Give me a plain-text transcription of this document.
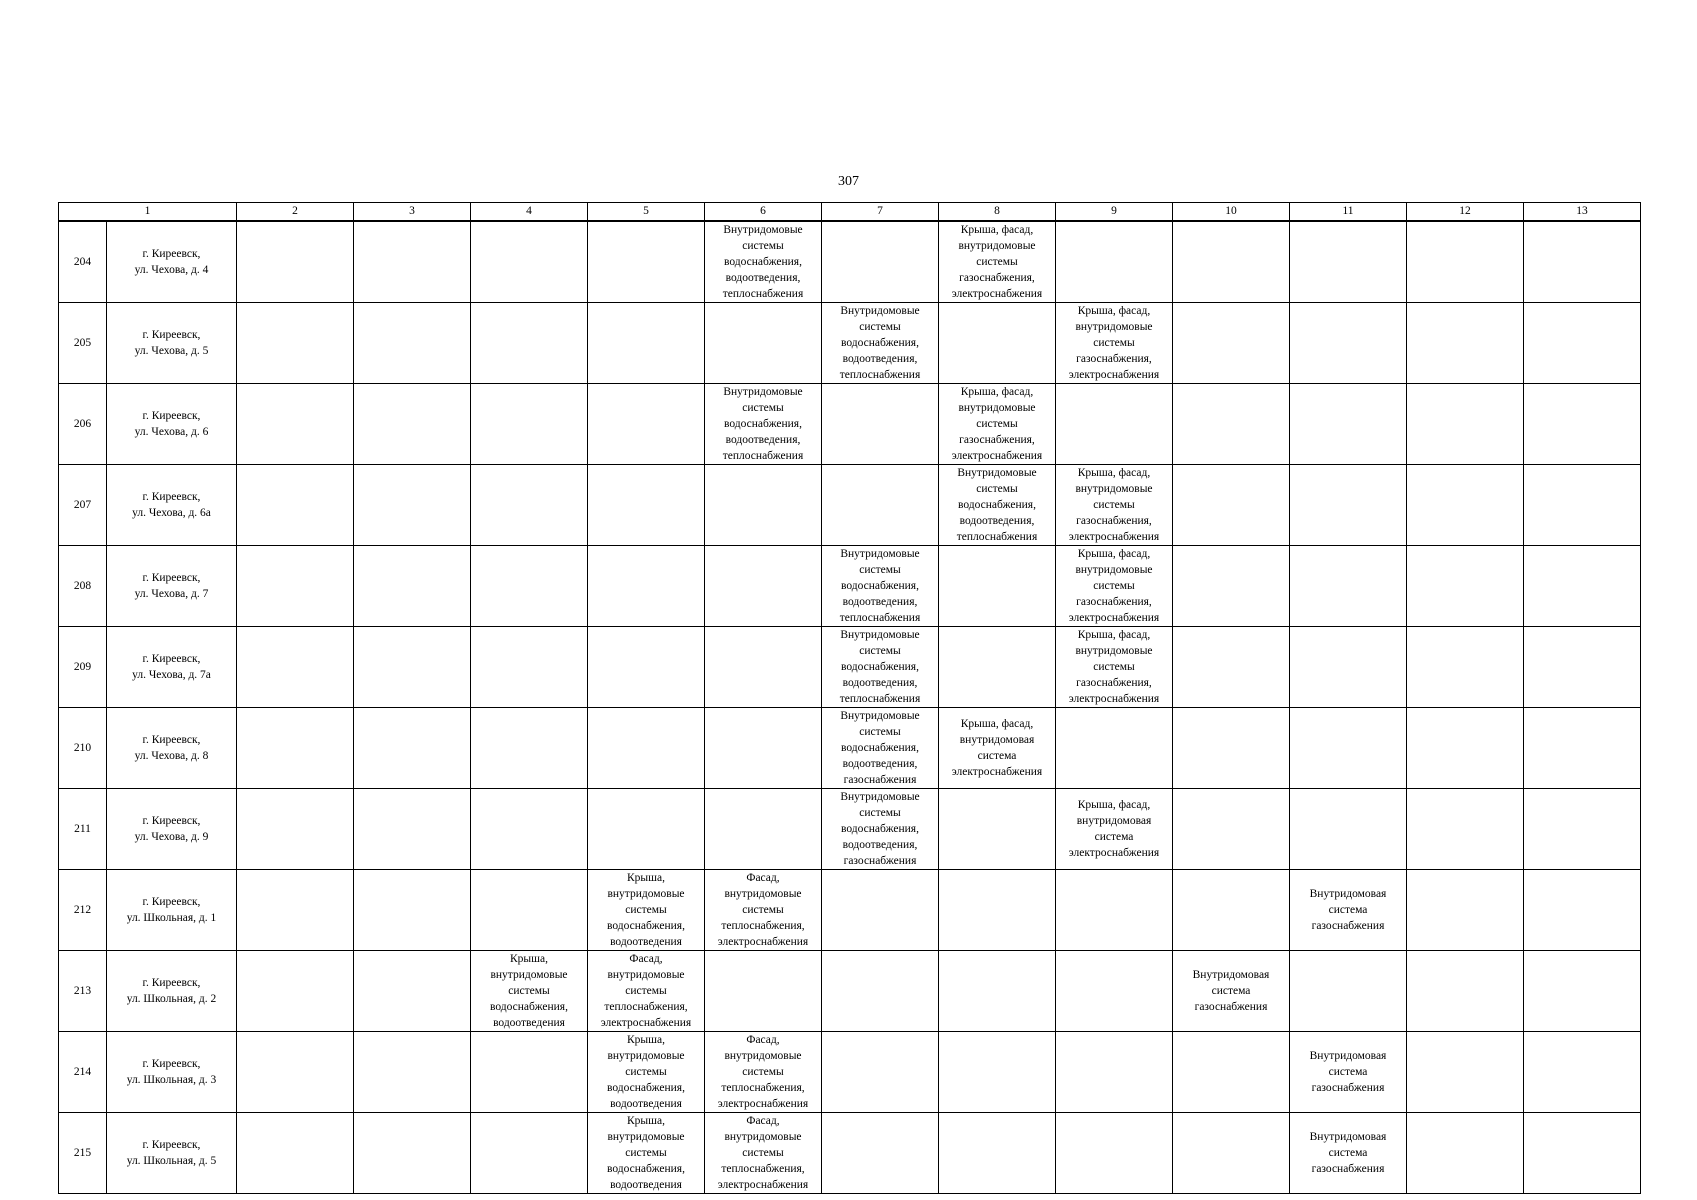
307
1		2	3	4	5	6	7	8	9	10	11	12	13
204	г. Киреевск,
ул. Чехова, д. 4					Внутридомовые
системы
водоснабжения,
водоотведения,
теплоснабжения		Крыша, фасад,
внутридомовые
системы
газоснабжения,
электроснабжения					

205	г. Киреевск,
ул. Чехова, д. 5						Внутридомовые
системы
водоснабжения,
водоотведения,
теплоснабжения		Крыша, фасад,
внутридомовые
системы
газоснабжения,
электроснабжения				

206	г. Киреевск,
ул. Чехова, д. 6					Внутридомовые
системы
водоснабжения,
водоотведения,
теплоснабжения		Крыша, фасад,
внутридомовые
системы
газоснабжения,
электроснабжения					

207	г. Киреевск,
ул. Чехова, д. 6а							Внутридомовые
системы
водоснабжения,
водоотведения,
теплоснабжения	Крыша, фасад,
внутридомовые
системы
газоснабжения,
электроснабжения				

208	г. Киреевск,
ул. Чехова, д. 7						Внутридомовые
системы
водоснабжения,
водоотведения,
теплоснабжения		Крыша, фасад,
внутридомовые
системы
газоснабжения,
электроснабжения				

209	г. Киреевск,
ул. Чехова, д. 7а						Внутридомовые
системы
водоснабжения,
водоотведения,
теплоснабжения		Крыша, фасад,
внутридомовые
системы
газоснабжения,
электроснабжения				

210	г. Киреевск,
ул. Чехова, д. 8						Внутридомовые
системы
водоснабжения,
водоотведения,
газоснабжения	Крыша, фасад,
внутридомовая
система
электроснабжения					

211	г. Киреевск,
ул. Чехова, д. 9						Внутридомовые
системы
водоснабжения,
водоотведения,
газоснабжения		Крыша, фасад,
внутридомовая
система
электроснабжения				

212	г. Киреевск,
ул. Школьная, д. 1				Крыша,
внутридомовые
системы
водоснабжения,
водоотведения	Фасад,
внутридомовые
системы
теплоснабжения,
электроснабжения					Внутридомовая
система
газоснабжения		

213	г. Киреевск,
ул. Школьная, д. 2			Крыша,
внутридомовые
системы
водоснабжения,
водоотведения	Фасад,
внутридомовые
системы
теплоснабжения,
электроснабжения					Внутридомовая
система
газоснабжения			

214	г. Киреевск,
ул. Школьная, д. 3				Крыша,
внутридомовые
системы
водоснабжения,
водоотведения	Фасад,
внутридомовые
системы
теплоснабжения,
электроснабжения					Внутридомовая
система
газоснабжения		

215	г. Киреевск,
ул. Школьная, д. 5				Крыша,
внутридомовые
системы
водоснабжения,
водоотведения	Фасад,
внутридомовые
системы
теплоснабжения,
электроснабжения					Внутридомовая
система
газоснабжения		
